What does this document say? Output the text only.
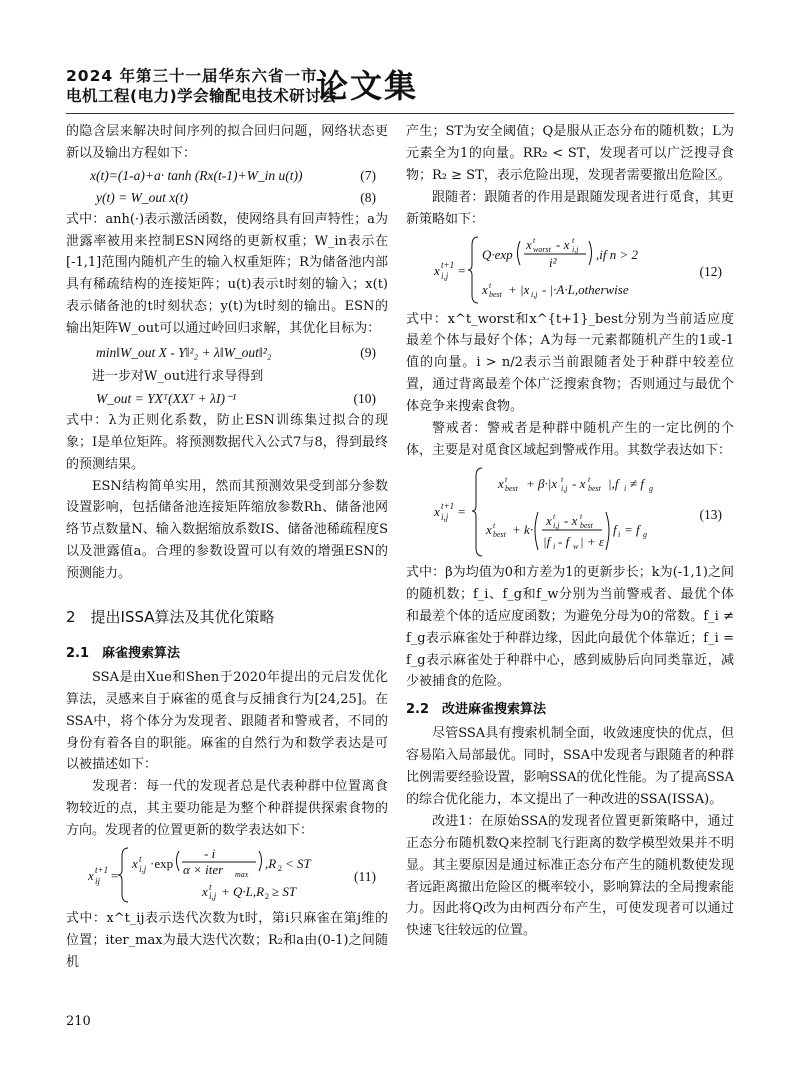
2024 年第三十一届华东六省一市
电机工程(电力)学会输配电技术研讨会
论文集

的隐含层来解决时间序列的拟合回归问题，网络状态更新以及输出方程如下：

x(t)=(1-a)+a· tanh (Rx(t-1)+W_in u(t))	(7)
y(t) = W_out x(t)	(8)

式中：anh(·)表示激活函数，使网络具有回声特性；a为泄露率被用来控制ESN网络的更新权重；W_in表示在[-1,1]范围内随机产生的输入权重矩阵；R为储备池内部具有稀疏结构的连接矩阵；u(t)表示t时刻的输入；x(t)表示储备池的t时刻状态；y(t)为t时刻的输出。ESN的输出矩阵W_out可以通过岭回归求解，其优化目标为：

min‖W_out X - Y‖²₂ + λ‖W_out‖²₂	(9)

进一步对W_out进行求导得到

W_out = YXᵀ(XXᵀ + λI)⁻¹	(10)

式中：λ为正则化系数，防止ESN训练集过拟合的现象；I是单位矩阵。将预测数据代入公式7与8，得到最终的预测结果。

ESN结构简单实用，然而其预测效果受到部分参数设置影响，包括储备池连接矩阵缩放参数Rh、储备池网络节点数量N、输入数据缩放系数IS、储备池稀疏程度S以及泄露值a。合理的参数设置可以有效的增强ESN的预测能力。

2　提出ISSA算法及其优化策略
2.1　麻雀搜索算法

SSA是由Xue和Shen于2020年提出的元启发优化算法，灵感来自于麻雀的觅食与反捕食行为[24,25]。在SSA中，将个体分为发现者、跟随者和警戒者，不同的身份有着各自的职能。麻雀的自然行为和数学表达是可以被描述如下：

发现者：每一代的发现者总是代表种群中位置离食物较近的点，其主要功能是为整个种群提供探索食物的方向。发现者的位置更新的数学表达如下：

x t+1
ij =
x t
i,j ·exp
- i
α × iter max
,R 2 < ST
x t
i,j + Q·L,R 2 ≥ ST
(11)

式中：x^t_ij表示迭代次数为t时，第i只麻雀在第j维的位置；iter_max为最大迭代次数；R₂和a由(0-1)之间随机

产生；ST为安全阈值；Q是服从正态分布的随机数；L为元素全为1的向量。RR₂ < ST，发现者可以广泛搜寻食物；R₂ ≥ ST，表示危险出现，发现者需要撤出危险区。

跟随者：跟随者的作用是跟随发现者进行觅食，其更新策略如下：

x t+1
i,j =
Q·exp
x t
worst - x t
i,j
i²
,if n > 2
x t
best + |x i,j - |·A·L,otherwise
(12)

式中：x^t_worst和x^{t+1}_best分别为当前适应度最差个体与最好个体；A为每一元素都随机产生的1或-1值的向量。i > n/2表示当前跟随者处于种群中较差位置，通过背离最差个体广泛搜索食物；否则通过与最优个体竞争来搜索食物。

警戒者：警戒者是种群中随机产生的一定比例的个体，主要是对觅食区域起到警戒作用。其数学表达如下：

x t+1
i,j =
x t
best + β·|x t
i,j - x t
best |,f i ≠ f g
x t
best + k·
x t
i,j - x t
best
|f i - f w | + ε
f i = f g
(13)

式中：β为均值为0和方差为1的更新步长；k为(-1,1)之间的随机数；f_i、f_g和f_w分别为当前警戒者、最优个体和最差个体的适应度函数；为避免分母为0的常数。f_i ≠ f_g表示麻雀处于种群边缘，因此向最优个体靠近；f_i = f_g表示麻雀处于种群中心，感到威胁后向同类靠近，减少被捕食的危险。

2.2　改进麻雀搜索算法

尽管SSA具有搜索机制全面，收敛速度快的优点，但容易陷入局部最优。同时，SSA中发现者与跟随者的种群比例需要经验设置，影响SSA的优化性能。为了提高SSA的综合优化能力，本文提出了一种改进的SSA(ISSA)。

改进1：在原始SSA的发现者位置更新策略中，通过正态分布随机数Q来控制飞行距离的数学模型效果并不明显。其主要原因是通过标准正态分布产生的随机数使发现者远距离撤出危险区的概率较小，影响算法的全局搜索能力。因此将Q改为由柯西分布产生，可使发现者可以通过快速飞往较远的位置。

210
